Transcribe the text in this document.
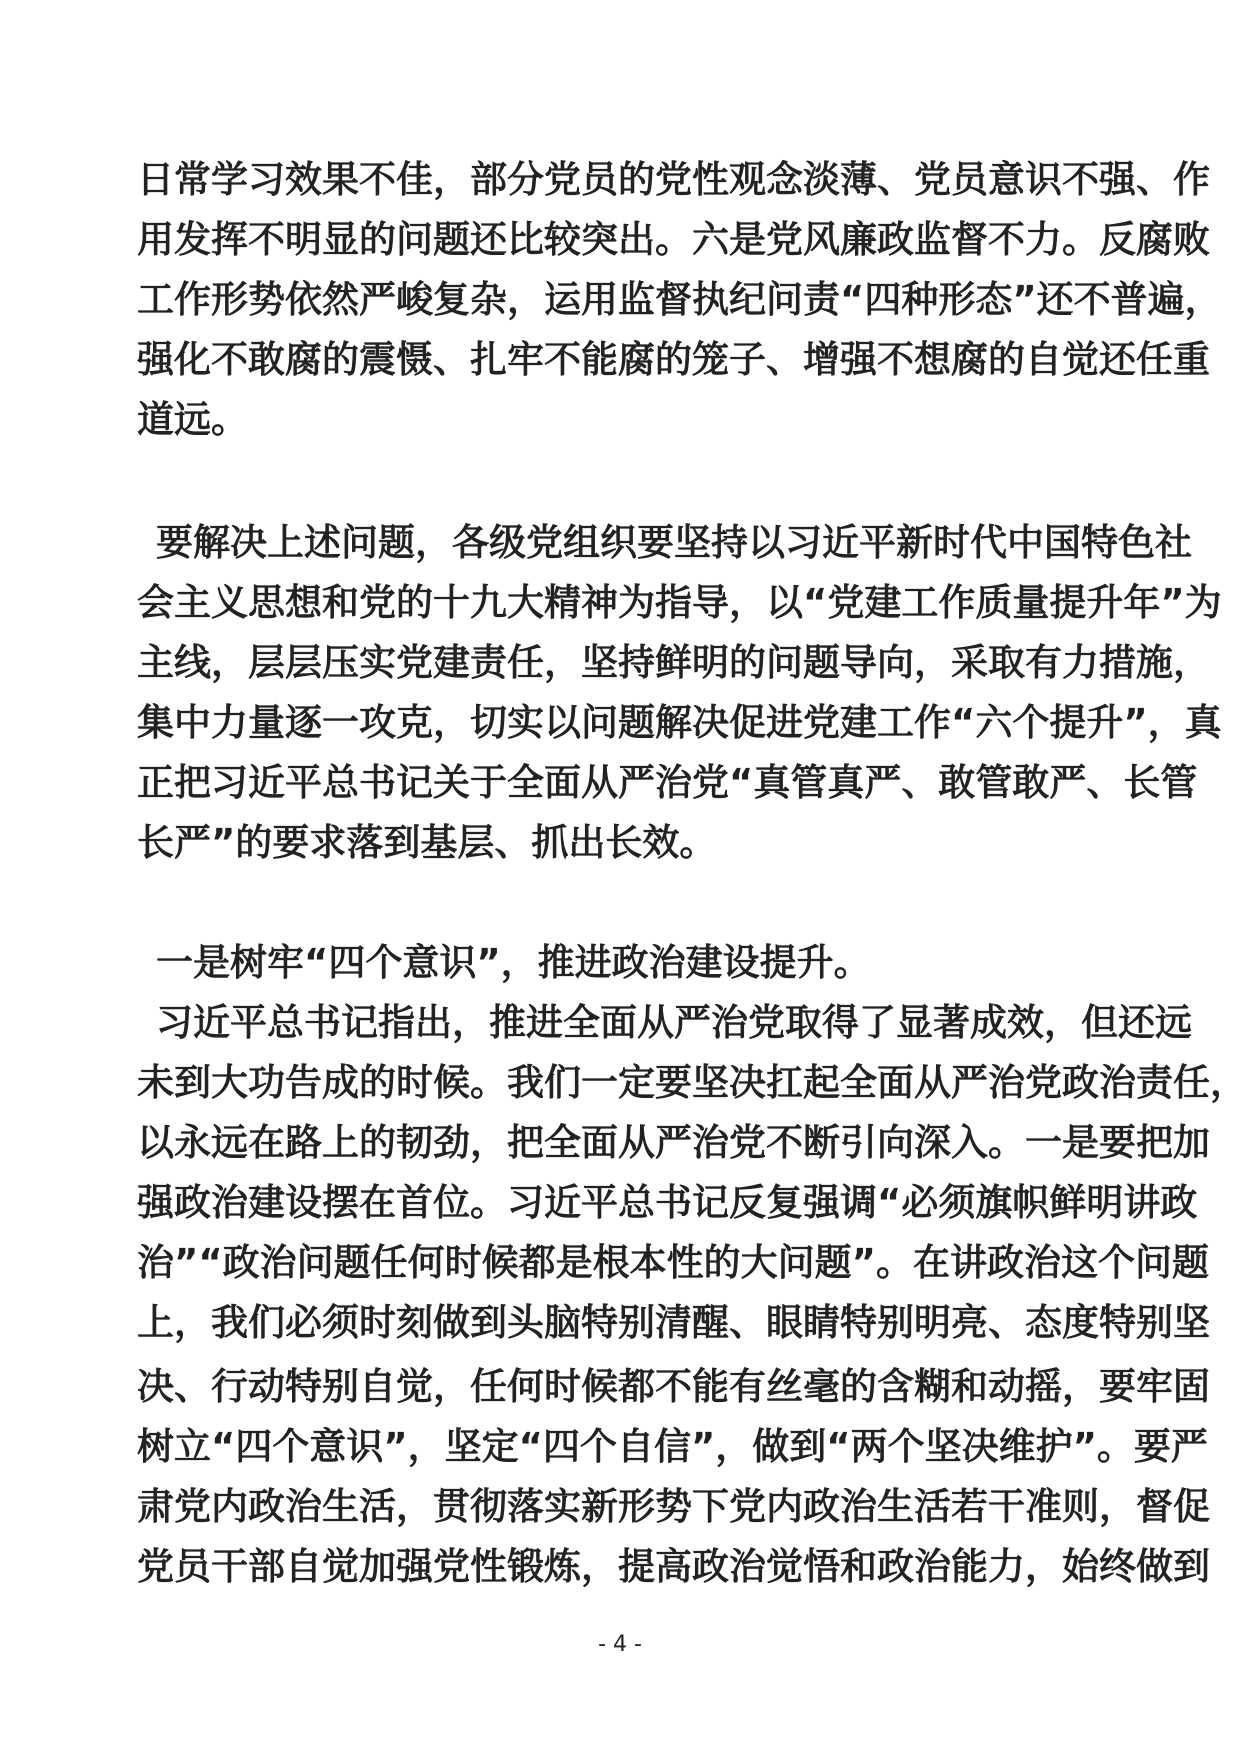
日常学习效果不佳，部分党员的党性观念淡薄、党员意识不强、作
用发挥不明显的问题还比较突出。六是党风廉政监督不力。反腐败
工作形势依然严峻复杂，运用监督执纪问责“四种形态”还不普遍，
强化不敢腐的震慑、扎牢不能腐的笼子、增强不想腐的自觉还任重
道远。
要解决上述问题，各级党组织要坚持以习近平新时代中国特色社
会主义思想和党的十九大精神为指导，以“党建工作质量提升年”为
主线，层层压实党建责任，坚持鲜明的问题导向，采取有力措施，
集中力量逐一攻克，切实以问题解决促进党建工作“六个提升”，真
正把习近平总书记关于全面从严治党“真管真严、敢管敢严、长管
长严”的要求落到基层、抓出长效。
一是树牢“四个意识”，推进政治建设提升。
习近平总书记指出，推进全面从严治党取得了显著成效，但还远
未到大功告成的时候。我们一定要坚决扛起全面从严治党政治责任，
以永远在路上的韧劲，把全面从严治党不断引向深入。一是要把加
强政治建设摆在首位。习近平总书记反复强调“必须旗帜鲜明讲政
治”“政治问题任何时候都是根本性的大问题”。在讲政治这个问题
上，我们必须时刻做到头脑特别清醒、眼睛特别明亮、态度特别坚
决、行动特别自觉，任何时候都不能有丝毫的含糊和动摇，要牢固
树立“四个意识”，坚定“四个自信”，做到“两个坚决维护”。要严
肃党内政治生活，贯彻落实新形势下党内政治生活若干准则，督促
党员干部自觉加强党性锻炼，提高政治觉悟和政治能力，始终做到
- 4 -
